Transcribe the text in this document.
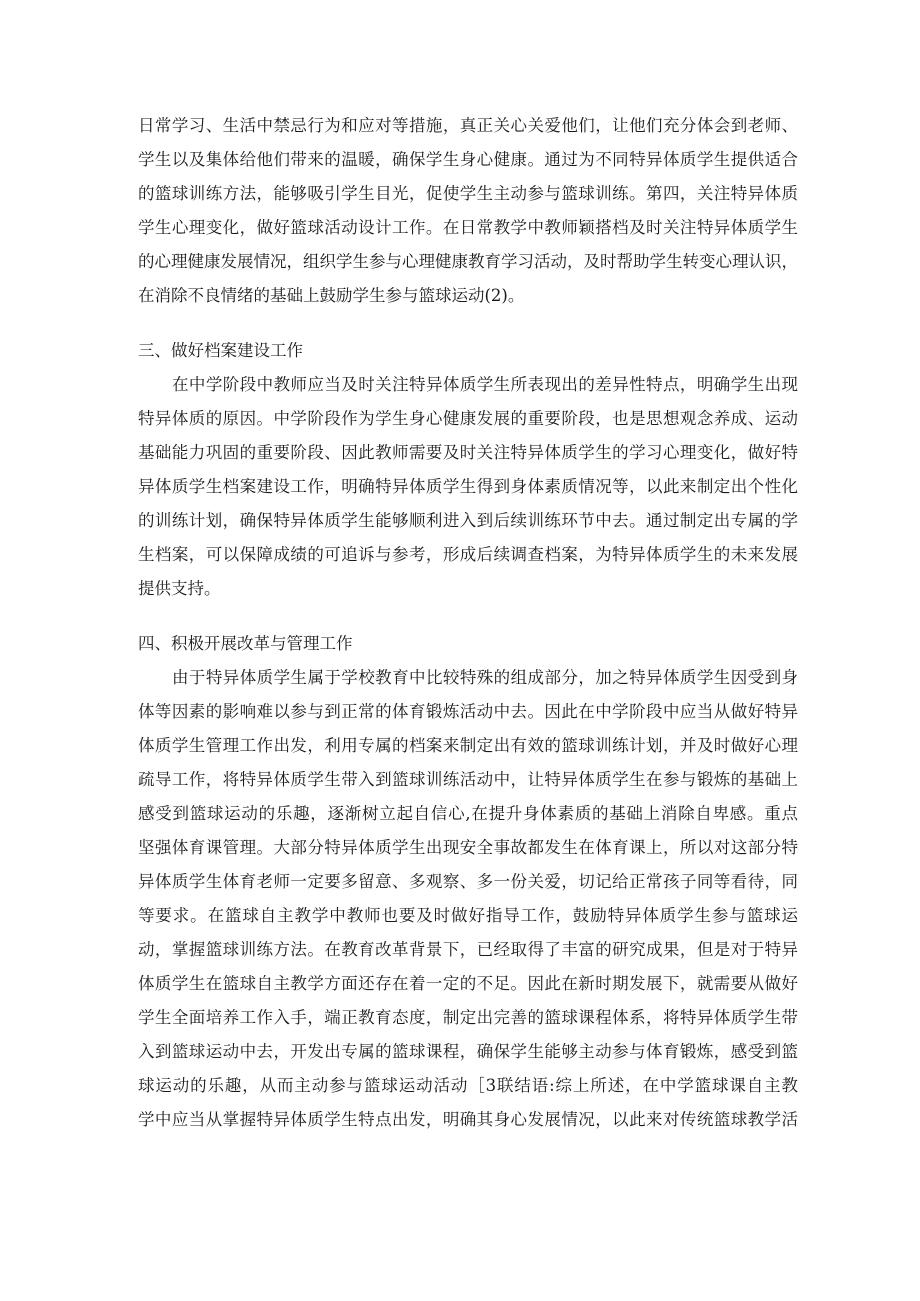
日常学习、生活中禁忌行为和应对等措施，真正关心关爱他们，让他们充分体会到老师、
学生以及集体给他们带来的温暖，确保学生身心健康。通过为不同特异体质学生提供适合
的篮球训练方法，能够吸引学生目光，促使学生主动参与篮球训练。第四，关注特异体质
学生心理变化，做好篮球活动设计工作。在日常教学中教师颖搭档及时关注特异体质学生
的心理健康发展情况，组织学生参与心理健康教育学习活动，及时帮助学生转变心理认识，
在消除不良情绪的基础上鼓励学生参与篮球运动(2)。
三、做好档案建设工作
在中学阶段中教师应当及时关注特异体质学生所表现出的差异性特点，明确学生出现
特异体质的原因。中学阶段作为学生身心健康发展的重要阶段，也是思想观念养成、运动
基础能力巩固的重要阶段、因此教师需要及时关注特异体质学生的学习心理变化，做好特
异体质学生档案建设工作，明确特异体质学生得到身体素质情况等，以此来制定出个性化
的训练计划，确保特异体质学生能够顺利进入到后续训练环节中去。通过制定出专属的学
生档案，可以保障成绩的可追诉与参考，形成后续调查档案，为特异体质学生的未来发展
提供支持。
四、积极开展改革与管理工作
由于特异体质学生属于学校教育中比较特殊的组成部分，加之特异体质学生因受到身
体等因素的影响难以参与到正常的体育锻炼活动中去。因此在中学阶段中应当从做好特异
体质学生管理工作出发，利用专属的档案来制定出有效的篮球训练计划，并及时做好心理
疏导工作，将特异体质学生带入到篮球训练活动中，让特异体质学生在参与锻炼的基础上
感受到篮球运动的乐趣，逐渐树立起自信心,在提升身体素质的基础上消除自卑感。重点
坚强体育课管理。大部分特异体质学生出现安全事故都发生在体育课上，所以对这部分特
异体质学生体育老师一定要多留意、多观察、多一份关爱，切记给正常孩子同等看待，同
等要求。在篮球自主教学中教师也要及时做好指导工作，鼓励特异体质学生参与篮球运
动，掌握篮球训练方法。在教育改革背景下，已经取得了丰富的研究成果，但是对于特异
体质学生在篮球自主教学方面还存在着一定的不足。因此在新时期发展下，就需要从做好
学生全面培养工作入手，端正教育态度，制定出完善的篮球课程体系，将特异体质学生带
入到篮球运动中去，开发出专属的篮球课程，确保学生能够主动参与体育锻炼，感受到篮
球运动的乐趣，从而主动参与篮球运动活动［3联结语:综上所述，在中学篮球课自主教
学中应当从掌握特异体质学生特点出发，明确其身心发展情况，以此来对传统篮球教学活
